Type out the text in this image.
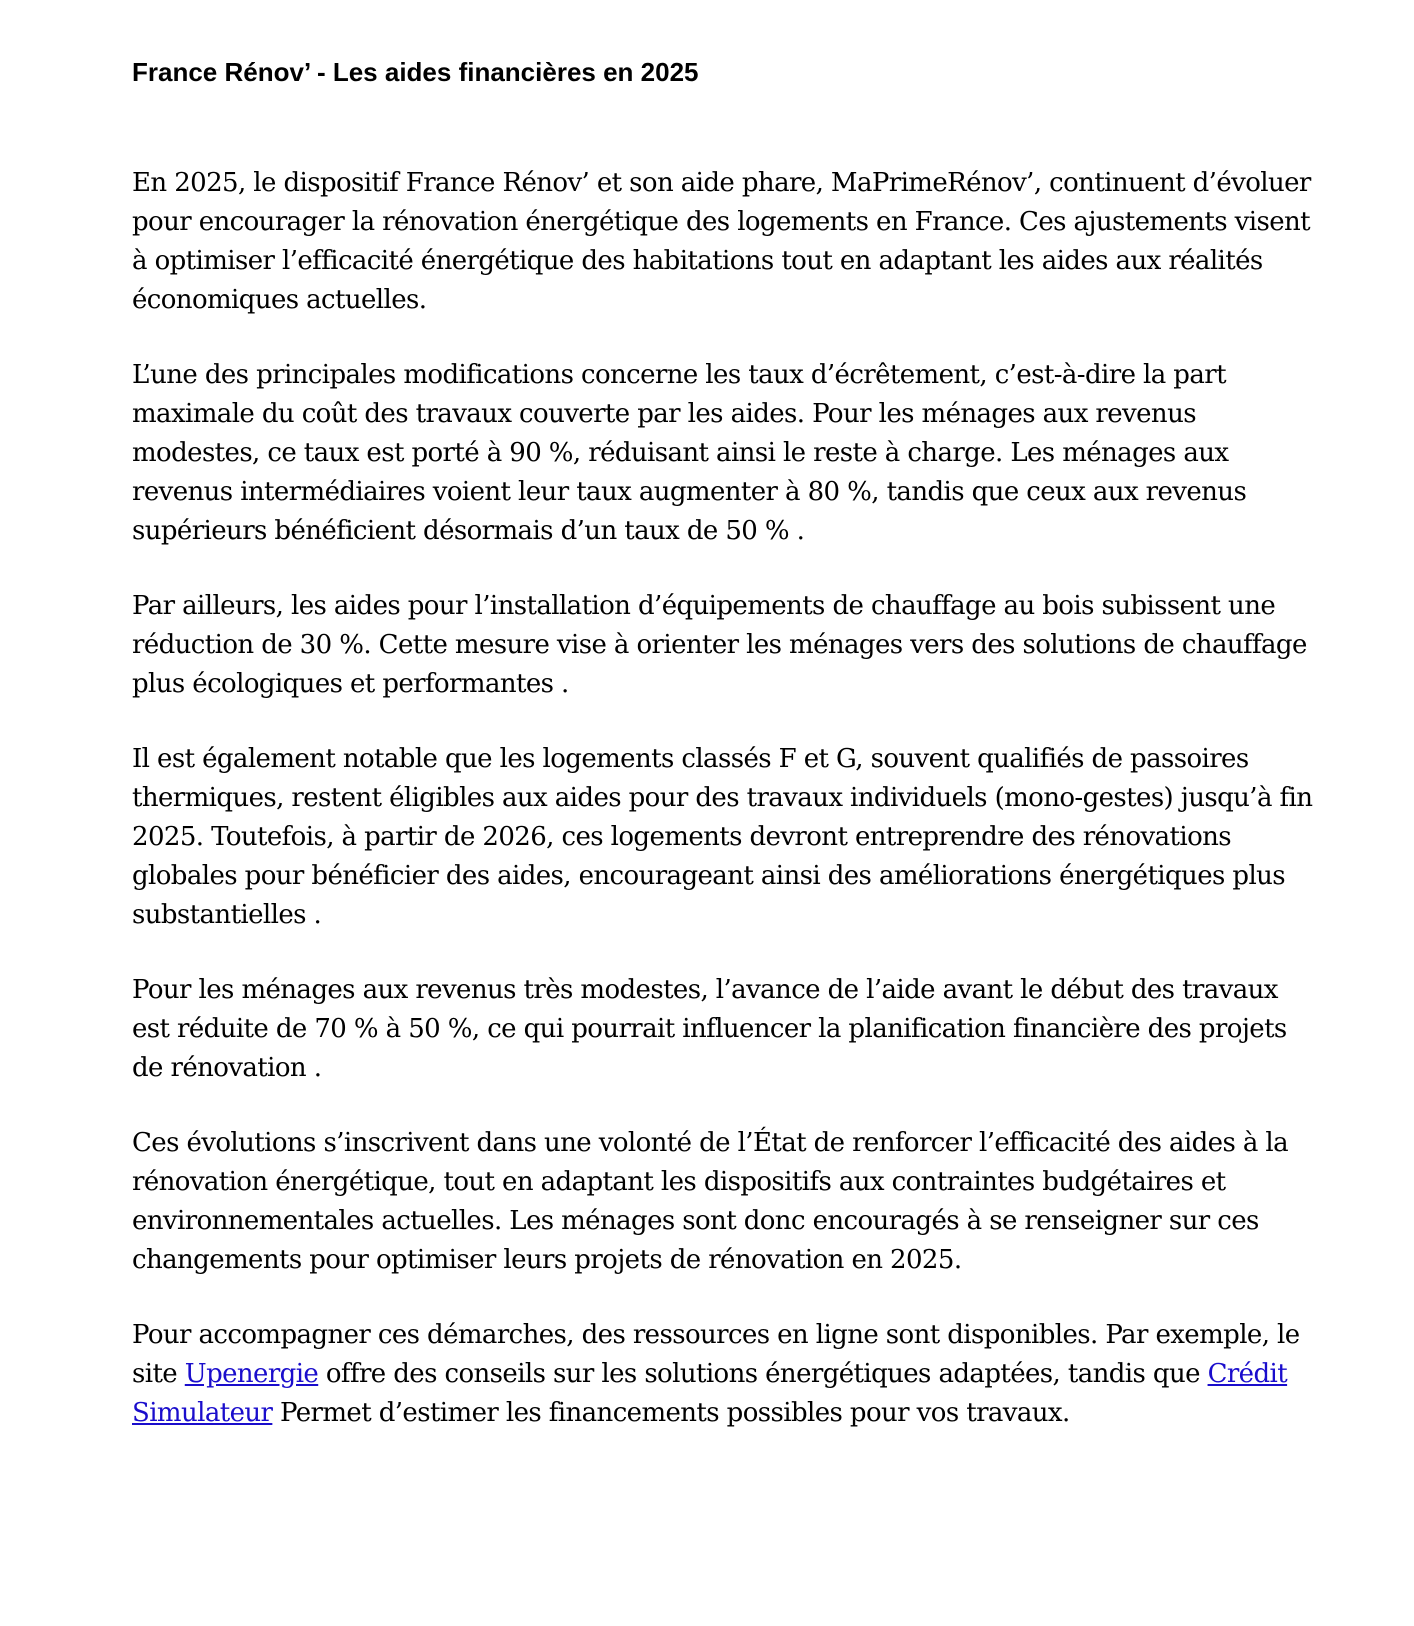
France Rénov’ - Les aides financières en 2025

En 2025, le dispositif France Rénov’ et son aide phare, MaPrimeRénov’, continuent d’évoluer pour encourager la rénovation énergétique des logements en France. Ces ajustements visent à optimiser l’efficacité énergétique des habitations tout en adaptant les aides aux réalités économiques actuelles.

L’une des principales modifications concerne les taux d’écrêtement, c’est-à-dire la part maximale du coût des travaux couverte par les aides. Pour les ménages aux revenus modestes, ce taux est porté à 90 %, réduisant ainsi le reste à charge. Les ménages aux revenus intermédiaires voient leur taux augmenter à 80 %, tandis que ceux aux revenus supérieurs bénéficient désormais d’un taux de 50 % .

Par ailleurs, les aides pour l’installation d’équipements de chauffage au bois subissent une réduction de 30 %. Cette mesure vise à orienter les ménages vers des solutions de chauffage plus écologiques et performantes .

Il est également notable que les logements classés F et G, souvent qualifiés de passoires thermiques, restent éligibles aux aides pour des travaux individuels (mono-gestes) jusqu’à fin 2025. Toutefois, à partir de 2026, ces logements devront entreprendre des rénovations globales pour bénéficier des aides, encourageant ainsi des améliorations énergétiques plus substantielles .

Pour les ménages aux revenus très modestes, l’avance de l’aide avant le début des travaux est réduite de 70 % à 50 %, ce qui pourrait influencer la planification financière des projets de rénovation .

Ces évolutions s’inscrivent dans une volonté de l’État de renforcer l’efficacité des aides à la rénovation énergétique, tout en adaptant les dispositifs aux contraintes budgétaires et environnementales actuelles. Les ménages sont donc encouragés à se renseigner sur ces changements pour optimiser leurs projets de rénovation en 2025.

Pour accompagner ces démarches, des ressources en ligne sont disponibles. Par exemple, le site Upenergie offre des conseils sur les solutions énergétiques adaptées, tandis que Crédit Simulateur Permet d’estimer les financements possibles pour vos travaux.
